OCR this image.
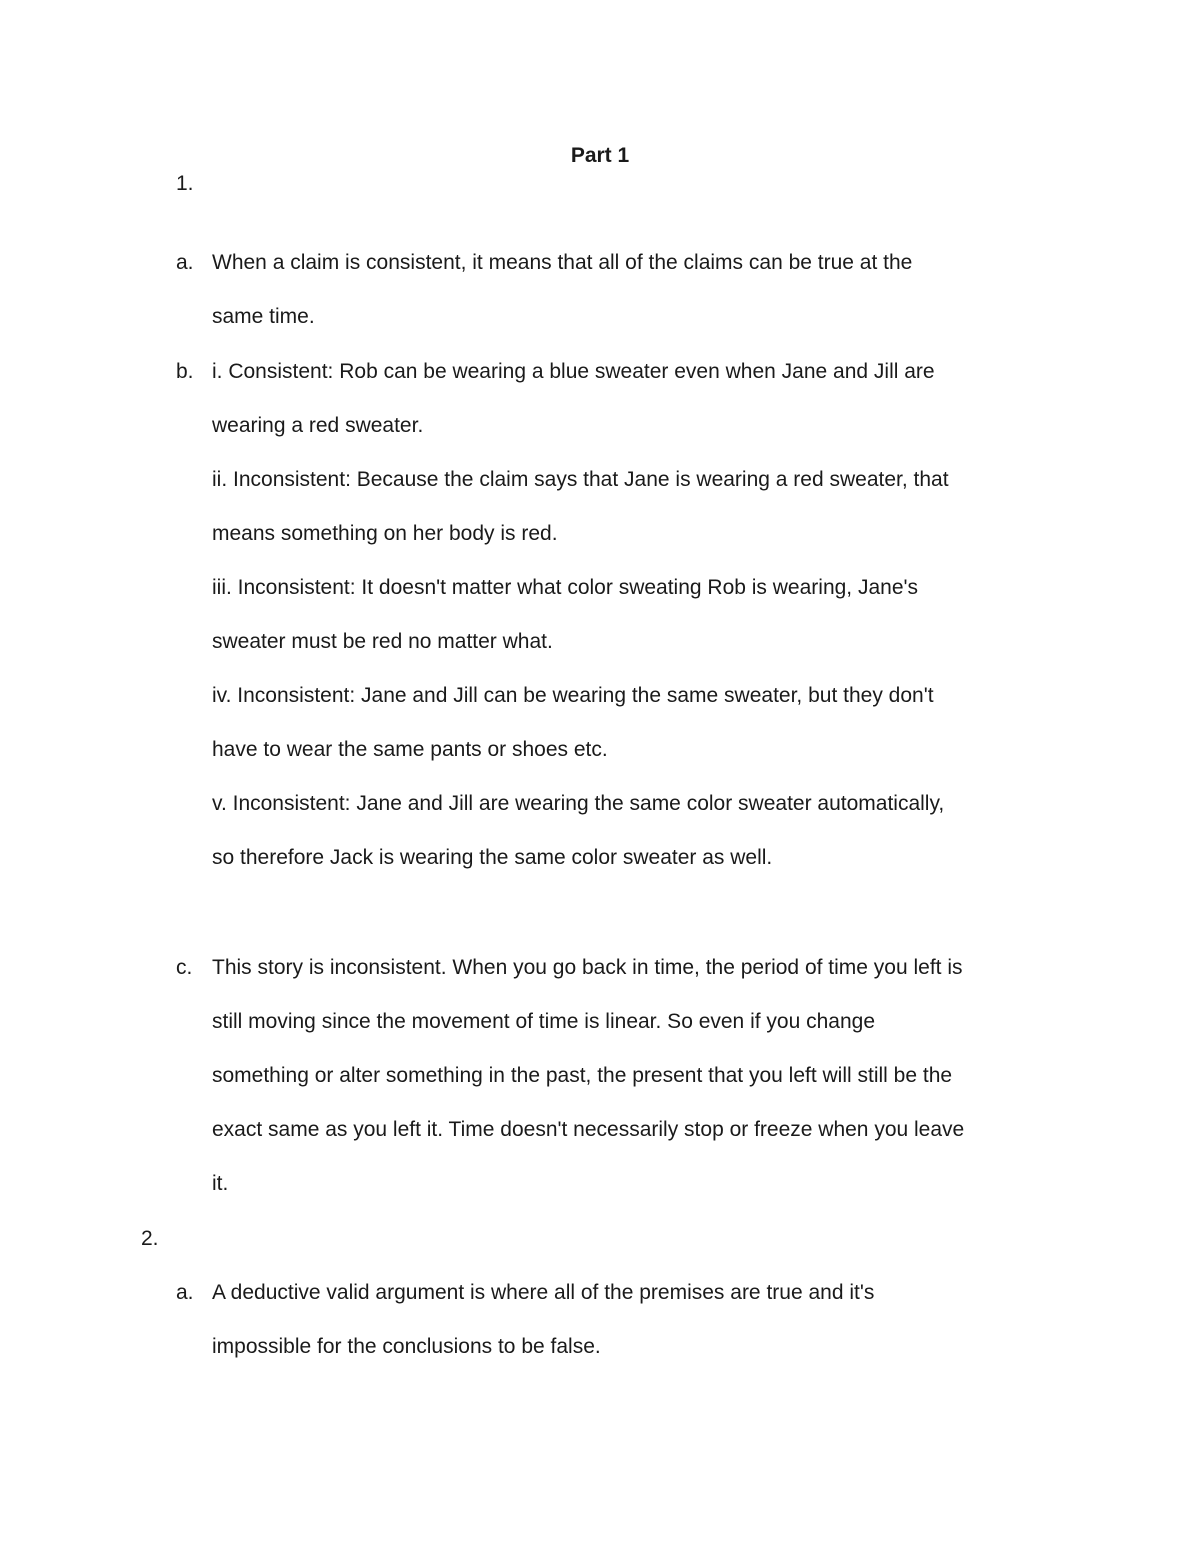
Part 1
1.
a. When a claim is consistent, it means that all of the claims can be true at the
same time.
b. i. Consistent: Rob can be wearing a blue sweater even when Jane and Jill are
wearing a red sweater.
ii. Inconsistent: Because the claim says that Jane is wearing a red sweater, that
means something on her body is red.
iii. Inconsistent: It doesn't matter what color sweating Rob is wearing, Jane's
sweater must be red no matter what.
iv. Inconsistent: Jane and Jill can be wearing the same sweater, but they don't
have to wear the same pants or shoes etc.
v. Inconsistent: Jane and Jill are wearing the same color sweater automatically,
so therefore Jack is wearing the same color sweater as well.
c. This story is inconsistent. When you go back in time, the period of time you left is
still moving since the movement of time is linear. So even if you change
something or alter something in the past, the present that you left will still be the
exact same as you left it. Time doesn't necessarily stop or freeze when you leave
it.
2.
a. A deductive valid argument is where all of the premises are true and it's
impossible for the conclusions to be false.
